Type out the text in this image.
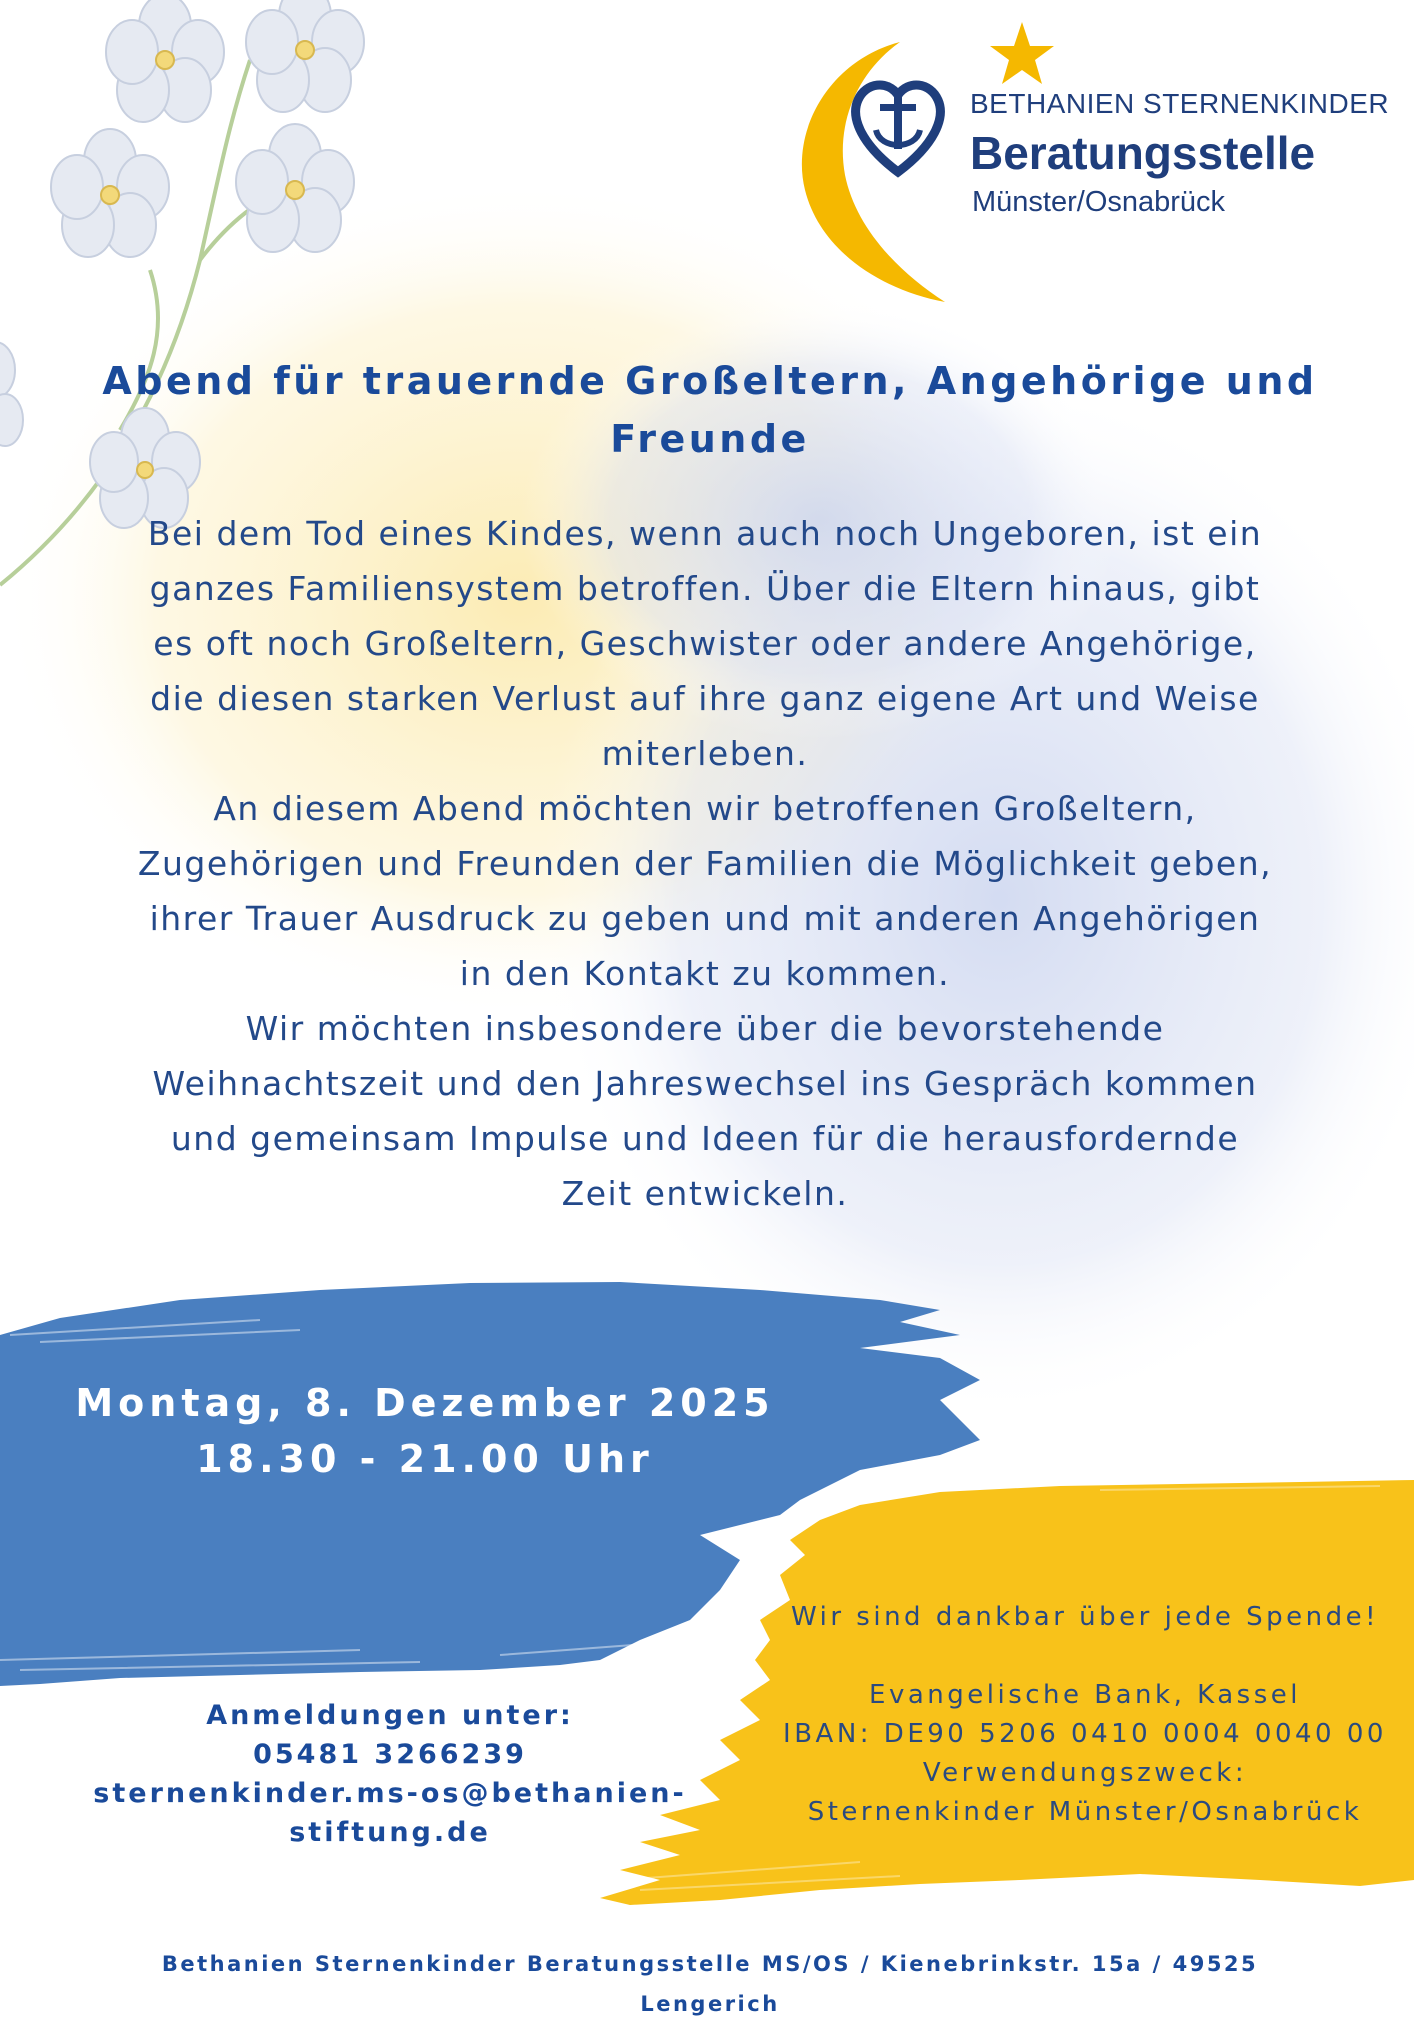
BETHANIEN STERNENKINDER
Beratungsstelle
Münster/Osnabrück
Abend für trauernde Großeltern, Angehörige und
Freunde

Bei dem Tod eines Kindes, wenn auch noch Ungeboren, ist ein

ganzes Familiensystem betroffen. Über die Eltern hinaus, gibt

es oft noch Großeltern, Geschwister oder andere Angehörige,

die diesen starken Verlust auf ihre ganz eigene Art und Weise

miterleben.

An diesem Abend möchten wir betroffenen Großeltern,

Zugehörigen und Freunden der Familien die Möglichkeit geben,

ihrer Trauer Ausdruck zu geben und mit anderen Angehörigen

in den Kontakt zu kommen.

Wir möchten insbesondere über die bevorstehende

Weihnachtszeit und den Jahreswechsel ins Gespräch kommen

und gemeinsam Impulse und Ideen für die herausfordernde

Zeit entwickeln.

Montag, 8. Dezember 2025
18.30 - 21.00 Uhr
Anmeldungen unter:
05481 3266239
sternenkinder.ms-os@bethanien-
stiftung.de
Wir sind dankbar über jede Spende!
Evangelische Bank, Kassel
IBAN: DE90 5206 0410 0004 0040 00
Verwendungszweck:
Sternenkinder Münster/Osnabrück
Bethanien Sternenkinder Beratungsstelle MS/OS / Kienebrinkstr. 15a / 49525
Lengerich
